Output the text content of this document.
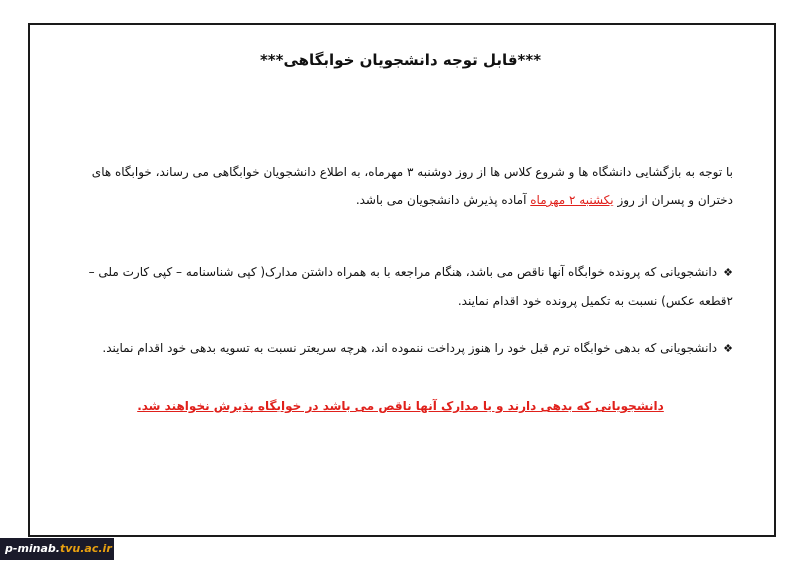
***قابل توجه دانشجویان خوابگاهی***
با توجه به بازگشایی دانشگاه ها و شروع کلاس ها از روز دوشنبه ۳ مهرماه، به اطلاع دانشجویان خوابگاهی می رساند، خوابگاه های دختران و پسران از روز یکشنبه ۲ مهرماه آماده پذیرش دانشجویان می باشد.
❖دانشجویانی که پرونده خوابگاه آنها ناقص می باشد، هنگام مراجعه با به همراه داشتن مدارک( کپی شناسنامه – کپی کارت ملی – ۲قطعه عکس) نسبت به تکمیل پرونده خود اقدام نمایند.
❖دانشجویانی که بدهی خوابگاه ترم قبل خود را هنوز پرداخت ننموده اند، هرچه سریعتر نسبت به تسویه بدهی خود اقدام نمایند.
دانشجویانی که بدهی دارند و یا مدارک آنها ناقص می باشد در خوابگاه پذیرش نخواهند شد.
p-minab.tvu.ac.ir
